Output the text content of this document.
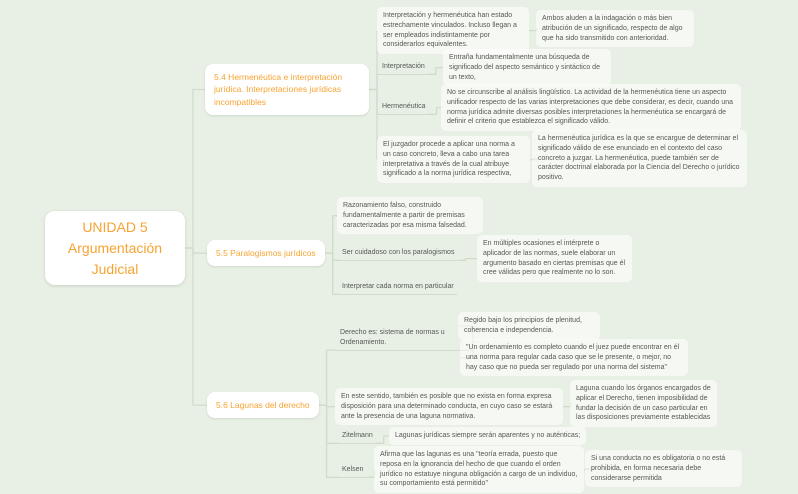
UNIDAD 5 Argumentación Judicial
5.4 Hermenéutica e interpretación jurídica. Interpretaciones jurídicas incompatibles
5.5 Paralogismos jurídicos
5.6 Lagunas del derecho
Interpretación y hermenéutica han estado estrechamente vinculados. Incluso llegan a ser empleados indistintamente por considerarlos equivalentes.
Ambos aluden a la indagación o más bien atribución de un significado, respecto de algo que ha sido transmitido con anterioridad.
Interpretación
Entraña fundamentalmente una búsqueda de significado del aspecto semántico y sintáctico de un texto,
Hermenéutica
No se circunscribe al análisis lingüístico. La actividad de la hermenéutica tiene un aspecto unificador respecto de las varias interpretaciones que debe considerar, es decir, cuando una norma jurídica admite diversas posibles interpretaciones la hermenéutica se encargará de definir el criterio que establezca el significado válido.
El juzgador procede a aplicar una norma a un caso concreto, lleva a cabo una tarea interpretativa a través de la cual atribuye significado a la norma jurídica respectiva,
La hermenéutica jurídica es la que se encargue de determinar el significado válido de ese enunciado en el contexto del caso concreto a juzgar. La hermenéutica, puede también ser de carácter doctrinal elaborada por la Ciencia del Derecho o jurídico positivo.
Razonamiento falso, construido fundamentalmente a partir de premisas caracterizadas por esa misma falsedad.
Ser cuidadoso con los paralogismos
En múltiples ocasiones el intérprete o aplicador de las normas, suele elaborar un argumento basado en ciertas premisas que él cree válidas pero que realmente no lo son.
Interpretar cada norma en particular
Derecho es: sistema de normas u Ordenamiento.
Regido bajo los principios de plenitud, coherencia e independencia.
"Un ordenamiento es completo cuando el juez puede encontrar en él una norma para regular cada caso que se le presente, o mejor, no hay caso que no pueda ser regulado por una norma del sistema"
En este sentido, también es posible que no exista en forma expresa disposición para una determinado conducta, en cuyo caso se estará ante la presencia de una laguna normativa.
Laguna cuando los órganos encargados de aplicar el Derecho, tienen imposibilidad de fundar la decisión de un caso particular en las disposiciones previamente establecidas
Zitelmann	Lagunas jurídicas siempre serán aparentes y no auténticas;
Kelsen
Afirma que las lagunas es una "teoría errada, puesto que reposa en la ignorancia del hecho de que cuando el orden jurídico no estatuye ninguna obligación a cargo de un individuo, su comportamiento está permitido"
Si una conducta no es obligatoria o no está prohibida, en forma necesaria debe considerarse permitida
